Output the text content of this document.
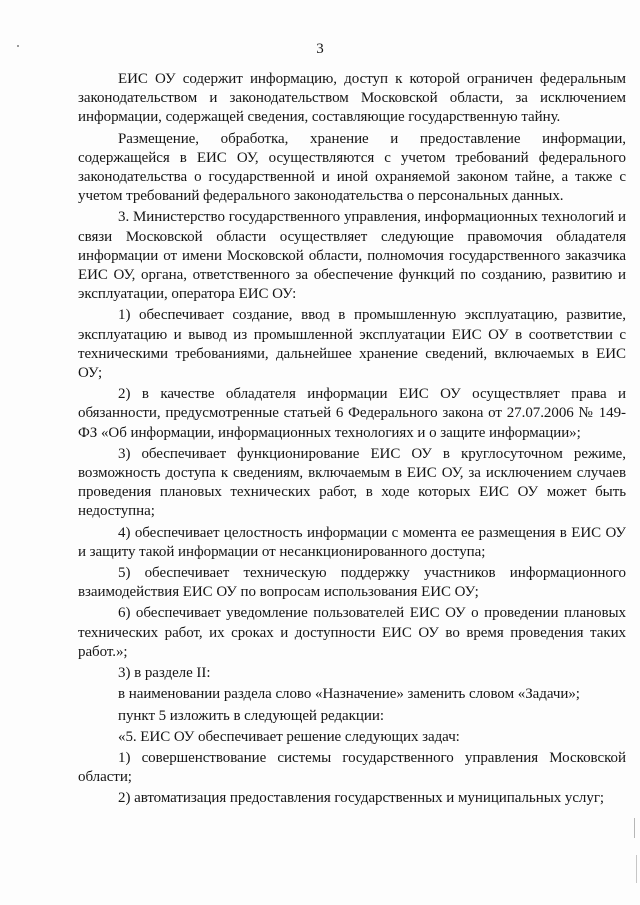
3

ЕИС ОУ содержит информацию, доступ к которой ограничен федеральным законодательством и законодательством Московской области, за исключением информации, содержащей сведения, составляющие государственную тайну.

Размещение, обработка, хранение и предоставление информации, содержащейся в ЕИС ОУ, осуществляются с учетом требований федерального законодательства о государственной и иной охраняемой законом тайне, а также с учетом требований федерального законодательства о персональных данных.

3. Министерство государственного управления, информационных технологий и связи Московской области осуществляет следующие правомочия обладателя информации от имени Московской области, полномочия государственного заказчика ЕИС ОУ, органа, ответственного за обеспечение функций по созданию, развитию и эксплуатации, оператора ЕИС ОУ:

1) обеспечивает создание, ввод в промышленную эксплуатацию, развитие, эксплуатацию и вывод из промышленной эксплуатации ЕИС ОУ в соответствии с техническими требованиями, дальнейшее хранение сведений, включаемых в ЕИС ОУ;

2) в качестве обладателя информации ЕИС ОУ осуществляет права и обязанности, предусмотренные статьей 6 Федерального закона от 27.07.2006 № 149-ФЗ «Об информации, информационных технологиях и о защите информации»;

3) обеспечивает функционирование ЕИС ОУ в круглосуточном режиме, возможность доступа к сведениям, включаемым в ЕИС ОУ, за исключением случаев проведения плановых технических работ, в ходе которых ЕИС ОУ может быть недоступна;

4) обеспечивает целостность информации с момента ее размещения в ЕИС ОУ и защиту такой информации от несанкционированного доступа;

5) обеспечивает техническую поддержку участников информационного взаимодействия ЕИС ОУ по вопросам использования ЕИС ОУ;

6) обеспечивает уведомление пользователей ЕИС ОУ о проведении плановых технических работ, их сроках и доступности ЕИС ОУ во время проведения таких работ.»;

3) в разделе II:

в наименовании раздела слово «Назначение» заменить словом «Задачи»;

пункт 5 изложить в следующей редакции:

«5. ЕИС ОУ обеспечивает решение следующих задач:

1) совершенствование системы государственного управления Московской области;

2) автоматизация предоставления государственных и муниципальных услуг;
